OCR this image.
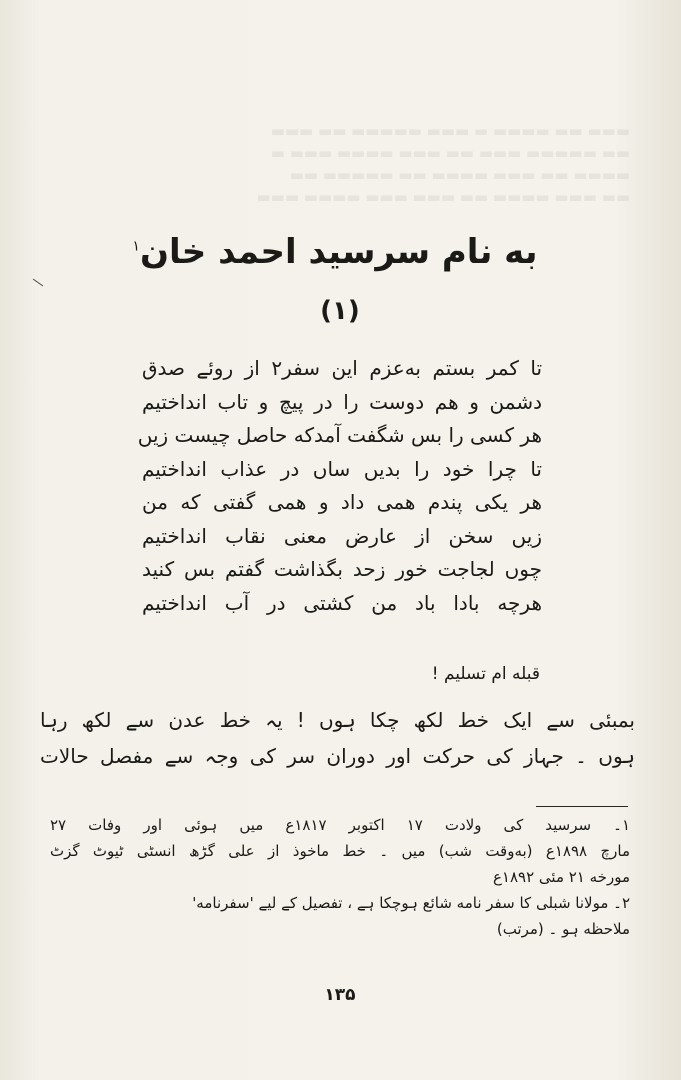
▬▬▬ ▬▬ ▬▬▬▬ ▬ ▬▬▬ ▬▬▬▬▬ ▬▬ ▬▬▬
▬▬ ▬▬▬▬▬ ▬▬▬ ▬▬ ▬▬▬ ▬▬▬▬ ▬▬▬ ▬
▬▬▬▬ ▬▬ ▬▬▬ ▬▬▬▬ ▬▬ ▬▬▬▬▬ ▬▬
▬▬ ▬▬▬ ▬▬▬▬ ▬▬ ▬▬▬ ▬▬▬ ▬▬▬▬ ▬▬▬
به نام سرسید احمد خان$^۱$
(۱)
تا کمر بستم بەعزم این سفر۲ از روئے صدق
دشمن و هم دوست را در پیچ و تاب انداختیم
هر کسی را بس شگفت آمدکه حاصل چیست زیں
تا چرا خود را بدیں ساں در عذاب انداختیم
هر یکی پندم همی داد و همی گفتی که من
زیں سخن از عارض معنی نقاب انداختیم
چوں لجاجت خور زحد بگذاشت گفتم بس کنید
هرچه بادا باد من کشتی در آب انداختیم
قبله ام تسلیم !
بمبئی سے ایک خط لکھ چکا ہوں ! یہ خط عدن سے لکھ رہا
ہوں ۔ جہاز کی حرکت اور دوران سر کی وجہ سے مفصل حالات
۱۔ سرسید کی ولادت ۱۷ اکتوبر ۱۸۱۷ع میں ہوئی اور وفات ۲۷
مارچ ۱۸۹۸ع (بەوقت شب) میں ۔ خط ماخوذ از علی گڑھ انسٹی ٹیوٹ گزٹ
مورخه ۲۱ مئی ۱۸۹۲ع
۲۔ مولانا شبلی کا سفر نامه شائع ہوچکا ہے ، تفصیل کے لیے 'سفرنامه'
ملاحظه ہو ۔ (مرتب)
۱۳۵
